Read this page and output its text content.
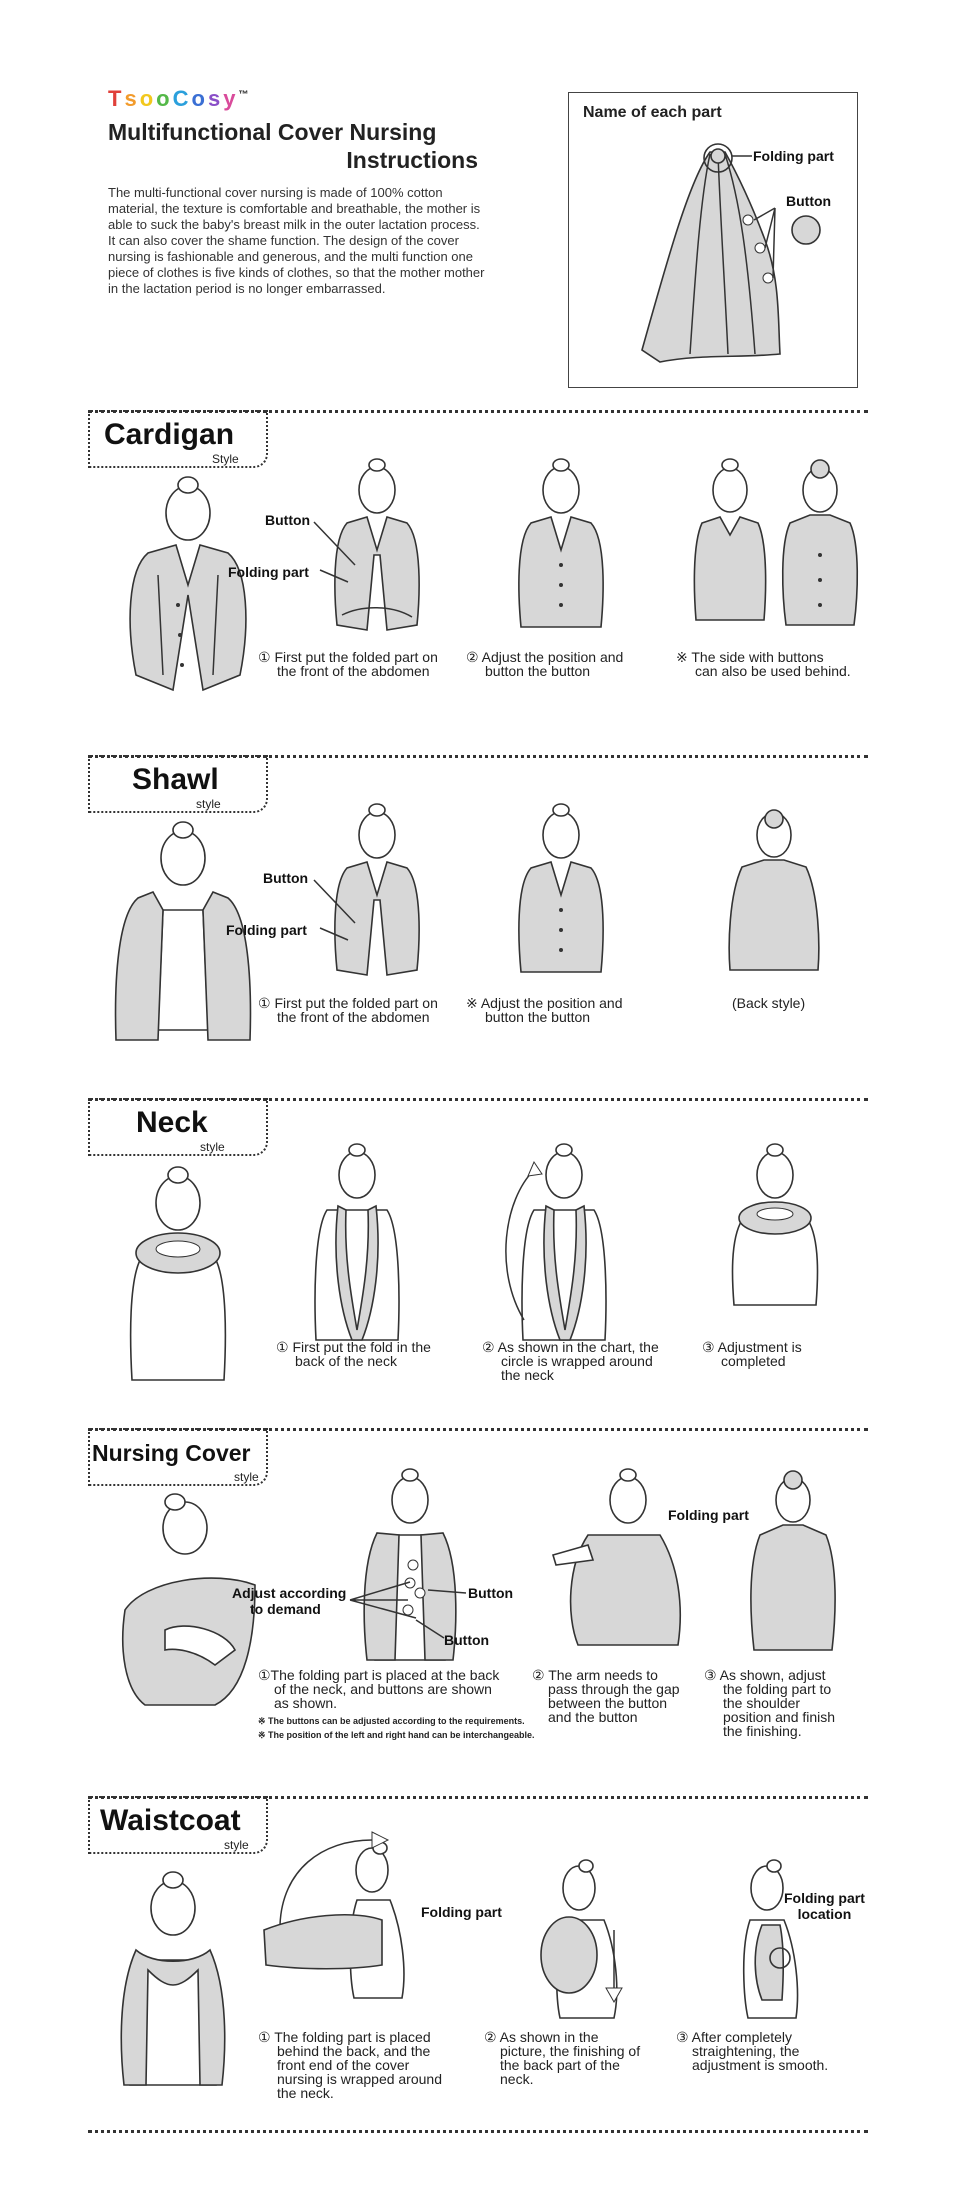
TsooCosy™
Multifunctional Cover Nursing
Instructions
The multi-functional cover nursing is made of 100% cotton material, the texture is comfortable and breathable, the mother is able to suck the baby's breast milk in the outer lactation process. It can also cover the shame function. The design of the cover nursing is fashionable and generous, and the multi function one piece of clothes is five kinds of clothes, so that the mother mother in the lactation period is no longer embarrassed.
Name of each part
Folding part
Button
Cardigan
Style
Button
Folding part
① First put the folded part on
the front of the abdomen
② Adjust the position and
button the button
※ The side with buttons
can also be used behind.
Shawl
style
Button
Folding part
① First put the folded part on
the front of the abdomen
※ Adjust the position and
button the button
(Back style)
Neck
style
① First put the fold in the
back of the neck
② As shown in the chart, the
circle is wrapped around
the neck
③ Adjustment is
completed
Nursing Cover
style
Adjust according
to demand
Button
Button
Folding part
①The folding part is placed at the back
of the neck, and buttons are shown
as shown.
※ The buttons can be adjusted according to the requirements.
※ The position of the left and right hand can be interchangeable.
② The arm needs to
pass through the gap
between the button
and the button
③ As shown, adjust
the folding part to
the shoulder
position and finish
the finishing.
Waistcoat
style
Folding part
Folding part
location
① The folding part is placed
behind the back, and the
front end of the cover
nursing is wrapped around
the neck.
② As shown in the
picture, the finishing of
the back part of the
neck.
③ After completely
straightening, the
adjustment is smooth.
